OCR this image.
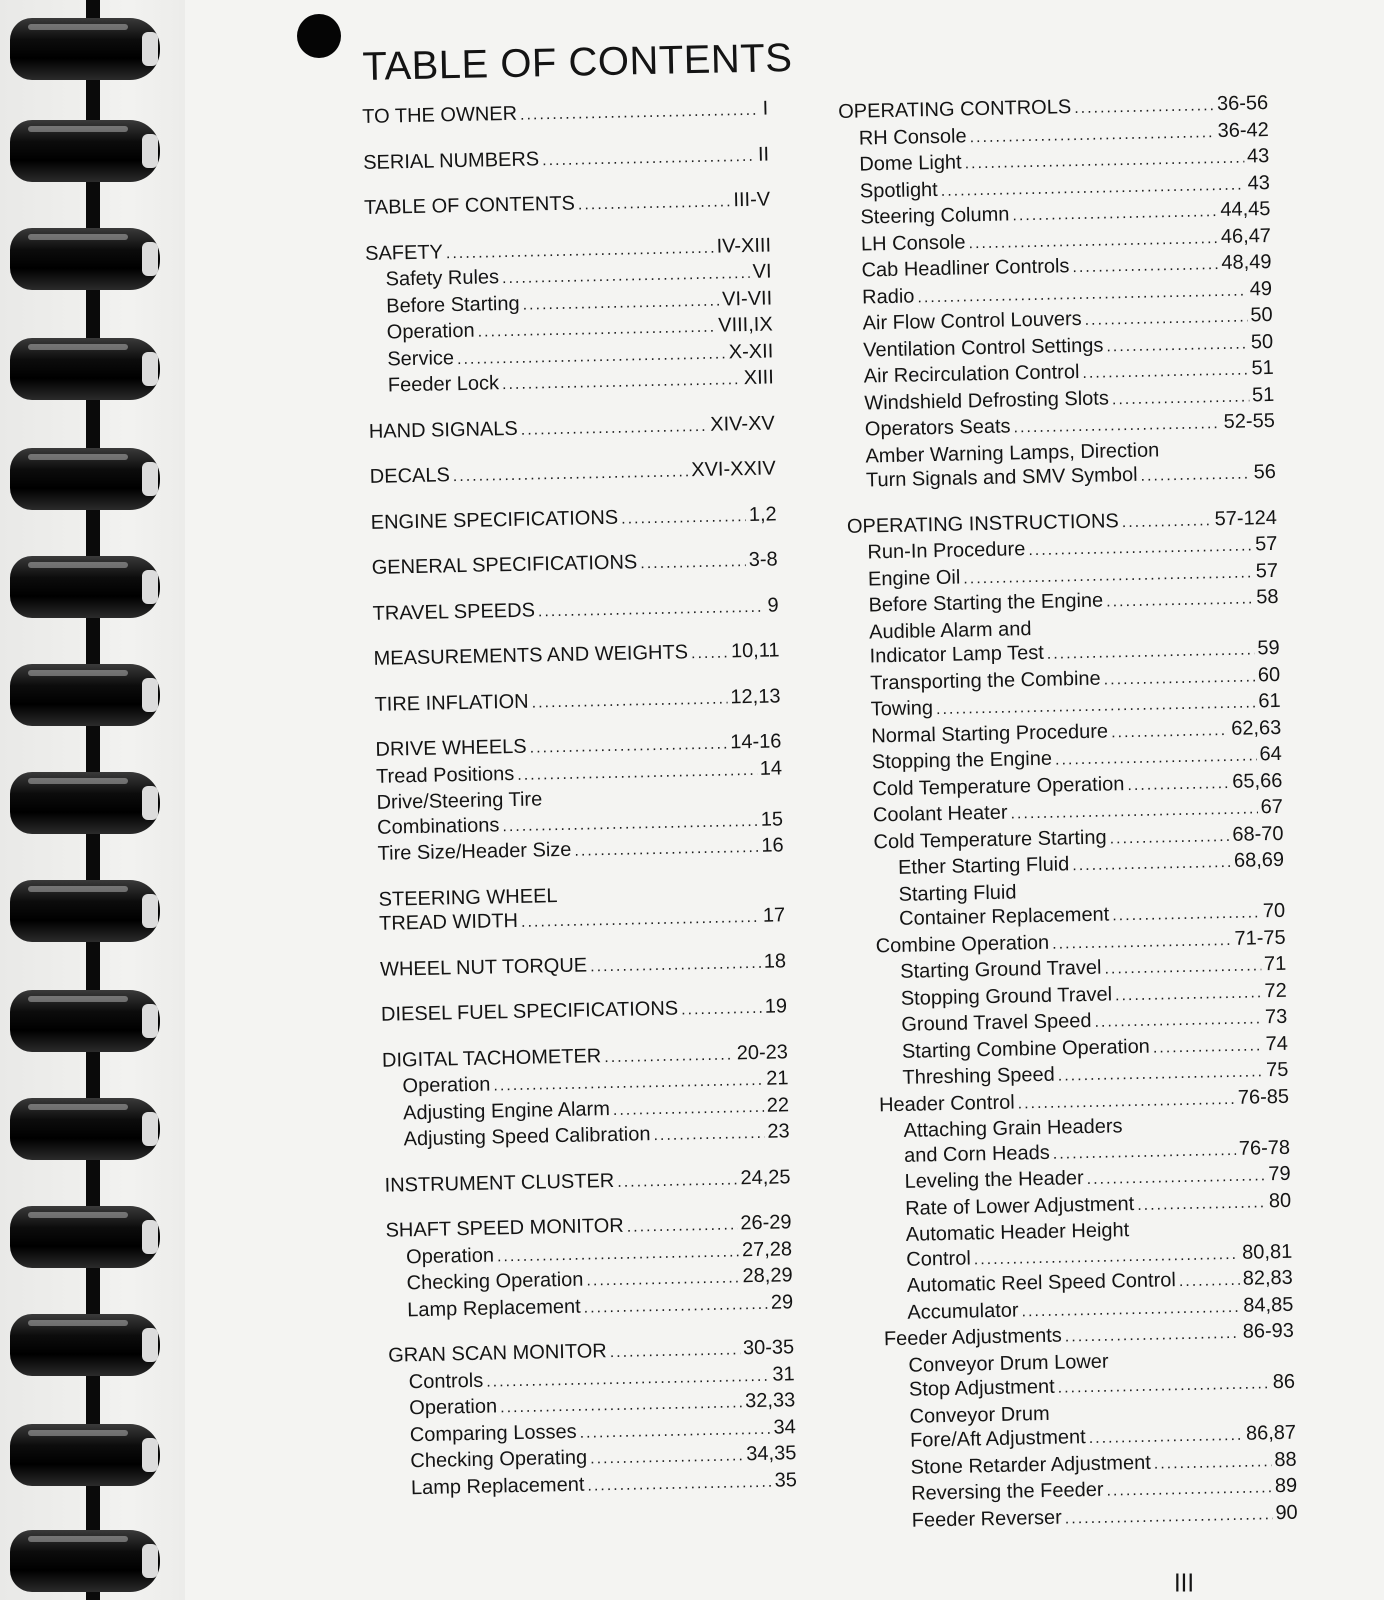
TABLE OF CONTENTS
TO THE OWNER .....	I
SERIAL NUMBERS .....	II
TABLE OF CONTENTS .....	III-V
SAFETY .....	IV-XIII
Safety Rules .....	VI
Before Starting .....	VI-VII
Operation .....	VIII,IX
Service .....	X-XII
Feeder Lock .....	XIII
HAND SIGNALS .....	XIV-XV
DECALS .....	XVI-XXIV
ENGINE SPECIFICATIONS .....	1,2
GENERAL SPECIFICATIONS .....	3-8
TRAVEL SPEEDS .....	9
MEASUREMENTS AND WEIGHTS ..... 10,11
TIRE INFLATION .....	12,13
DRIVE WHEELS .....	14-16
Tread Positions .....	14
Drive/Steering Tire
Combinations .....	15
Tire Size/Header Size .....	16
STEERING WHEEL
TREAD WIDTH .....	17
WHEEL NUT TORQUE .....	18
DIESEL FUEL SPECIFICATIONS .....	19
DIGITAL TACHOMETER .....	20-23
Operation .....	21
Adjusting Engine Alarm .....	22
Adjusting Speed Calibration .....	23
INSTRUMENT CLUSTER .....	24,25
SHAFT SPEED MONITOR .....	26-29
Operation .....	27,28
Checking Operation .....	28,29
Lamp Replacement .....	29
GRAN SCAN MONITOR .....	30-35
Controls .....	31
Operation .....	32,33
Comparing Losses .....	34
Checking Operating .....	34,35
Lamp Replacement .....	35
OPERATING CONTROLS .....	36-56
RH Console .....	36-42
Dome Light .....	43
Spotlight .....	43
Steering Column .....	44,45
LH Console .....	46,47
Cab Headliner Controls .....	48,49
Radio .....	49
Air Flow Control Louvers .....	50
Ventilation Control Settings .....	50
Air Recirculation Control .....	51
Windshield Defrosting Slots .....	51
Operators Seats .....	52-55
Amber Warning Lamps, Direction
Turn Signals and SMV Symbol .....	56
OPERATING INSTRUCTIONS .....	57-124
Run-In Procedure .....	57
Engine Oil .....	57
Before Starting the Engine .....	58
Audible Alarm and
Indicator Lamp Test .....	59
Transporting the Combine .....	60
Towing .....	61
Normal Starting Procedure .....	62,63
Stopping the Engine .....	64
Cold Temperature Operation .....	65,66
Coolant Heater .....	67
Cold Temperature Starting .....	68-70
Ether Starting Fluid .....	68,69
Starting Fluid
Container Replacement .....	70
Combine Operation .....	71-75
Starting Ground Travel .....	71
Stopping Ground Travel .....	72
Ground Travel Speed .....	73
Starting Combine Operation .....	74
Threshing Speed .....	75
Header Control .....	76-85
Attaching Grain Headers
and Corn Heads .....	76-78
Leveling the Header .....	79
Rate of Lower Adjustment .....	80
Automatic Header Height
Control .....	80,81
Automatic Reel Speed Control .....	82,83
Accumulator .....	84,85
Feeder Adjustments .....	86-93
Conveyor Drum Lower
Stop Adjustment .....	86
Conveyor Drum
Fore/Aft Adjustment .....	86,87
Stone Retarder Adjustment .....	88
Reversing the Feeder .....	89
Feeder Reverser .....	90
III
